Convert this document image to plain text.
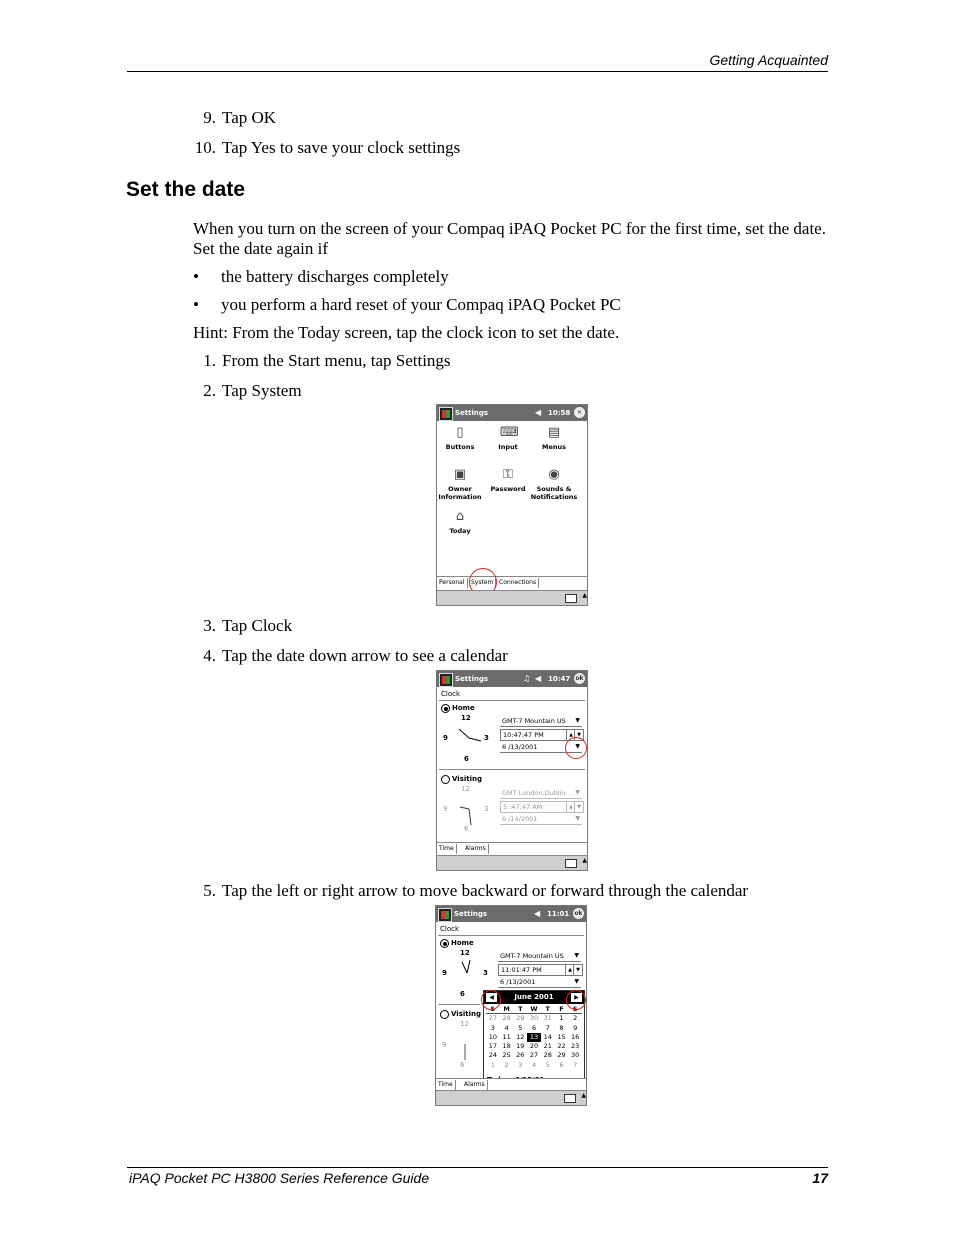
Getting Acquainted
9. Tap OK
10. Tap Yes to save your clock settings
Set the date
When you turn on the screen of your Compaq iPAQ Pocket PC for the first time, set the date. Set the date again if
• the battery discharges completely
• you perform a hard reset of your Compaq iPAQ Pocket PC
Hint: From the Today screen, tap the clock icon to set the date.
1. From the Start menu, tap Settings
2. Tap System
Settings	◀ 10:58	✕
▯
Buttons
⌨
Input
▤
Menus
▣
Owner Information
⚿
Password
◉
Sounds & Notifications
⌂
Today
Personal	System Connections
▲
3. Tap Clock
4. Tap the date down arrow to see a calendar
Settings	♫ ◀ 10:47 ok
Clock
Home
12
3
6
9
GMT-7 Mountain US ▼
10:47:47 PM	▲ ▼
6 /13/2001	▼
Visiting
12
3
6
9
GMT London,Dublin ▼
5 :47:47 AM	▲ ▼
6 /14/2001	▼
Time	Alarms
▲
5. Tap the left or right arrow to move backward or forward through the calendar
Settings	◀ 11:01 ok
Clock
Home
12
3
6
9
GMT-7 Mountain US ▼
11:01:47 PM	▲ ▼
6 /13/2001	▼
Visiting
12
6
9
◀	June 2001	▶
S	M	T	W	T	F	S
27 28 29 30 31	1	2
3	4	5	6	7	8	9
10 11 12 13 14 15 16
17 18 19 20 21 22 23
24 25 26 27 28 29 30
1	2	3	4	5	6	7
Time	Alarms
▲
iPAQ Pocket PC H3800 Series Reference Guide	17
